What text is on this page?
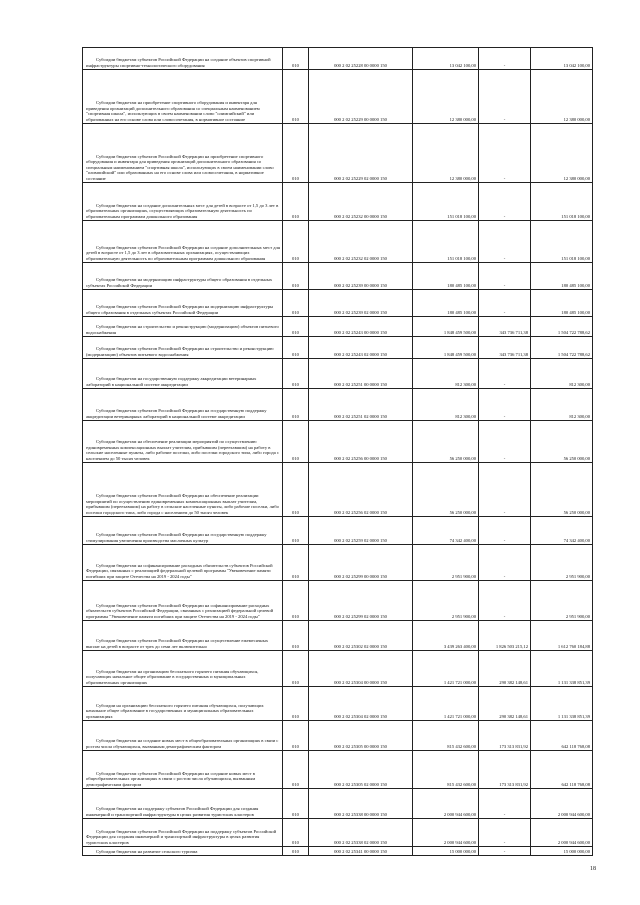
Субсидии бюджетам субъектов Российской Федерации на создание объектов спортивной инфраструктуры спортивно-технологического оборудования	010	000 2 02 25228 00 0000 150	13 042 100,00	-	13 042 100,00

Субсидии бюджетам на приобретение спортивного оборудования и инвентаря для приведения организаций дополнительного образования со специальным наименованием "спортивная школа", использующих в своем наименовании слово "олимпийский" или образованных на его основе слова или словосочетания, в нормативное состояние	010	000 2 02 25229 00 0000 150	12 380 000,00	-	12 380 000,00

Субсидии бюджетам субъектов Российской Федерации на приобретение спортивного оборудования и инвентаря для приведения организаций дополнительного образования со специальным наименованием "спортивная школа", использующих в своем наименовании слово "олимпийский" или образованных на его основе слова или словосочетания, в нормативное состояние	010	000 2 02 25229 02 0000 150	12 380 000,00	-	12 380 000,00

Субсидии бюджетам на создание дополнительных мест для детей в возрасте от 1,5 до 3 лет в образовательных организациях, осуществляющих образовательную деятельность по образовательным программам дошкольного образования	010	000 2 02 25232 00 0000 150	151 018 100,00	-	151 018 100,00

Субсидии бюджетам субъектов Российской Федерации на создание дополнительных мест для детей в возрасте от 1,5 до 3 лет в образовательных организациях, осуществляющих образовательную деятельность по образовательным программам дошкольного образования	010	000 2 02 25232 02 0000 150	151 018 100,00	-	151 018 100,00

Субсидии бюджетам на модернизацию инфраструктуры общего образования в отдельных субъектах Российской Федерации	010	000 2 02 25239 00 0000 150	180 485 100,00	-	180 485 100,00

Субсидии бюджетам субъектов Российской Федерации на модернизацию инфраструктуры общего образования в отдельных субъектах Российской Федерации	010	000 2 02 25239 02 0000 150	180 485 100,00	-	180 485 100,00

Субсидии бюджетам на строительство и реконструкцию (модернизацию) объектов питьевого водоснабжения	010	000 2 02 25243 00 0000 150	1 848 459 500,00	343 736 711,38	1 504 722 788,62

Субсидии бюджетам субъектов Российской Федерации на строительство и реконструкцию (модернизацию) объектов питьевого водоснабжения	010	000 2 02 25243 02 0000 150	1 848 459 500,00	343 736 711,38	1 504 722 788,62

Субсидии бюджетам на государственную поддержку аккредитации ветеринарных лабораторий в национальной системе аккредитации	010	000 2 02 25251 00 0000 150	812 300,00	-	812 300,00

Субсидии бюджетам субъектов Российской Федерации на государственную поддержку аккредитации ветеринарных лабораторий в национальной системе аккредитации	010	000 2 02 25251 02 0000 150	812 300,00	-	812 300,00

Субсидии бюджетам на обеспечение реализации мероприятий по осуществлению единовременных компенсационных выплат учителям, прибывшим (переехавшим) на работу в сельские населенные пункты, либо рабочие поселки, либо поселки городского типа, либо города с населением до 50 тысяч человек	010	000 2 02 25256 00 0000 150	56 250 000,00	-	56 250 000,00

Субсидии бюджетам субъектов Российской Федерации на обеспечение реализации мероприятий по осуществлению единовременных компенсационных выплат учителям, прибывшим (переехавшим) на работу в сельские населенные пункты, либо рабочие поселки, либо поселки городского типа, либо города с населением до 50 тысяч человек	010	000 2 02 25256 02 0000 150	56 250 000,00	-	56 250 000,00

Субсидии бюджетам субъектов Российской Федерации на государственную поддержку стимулирования увеличения производства масличных культур	010	000 2 02 25259 02 0000 150	74 342 400,00	-	74 342 400,00

Субсидии бюджетам на софинансирование расходных обязательств субъектов Российской Федерации, связанных с реализацией федеральной целевой программы "Увековечение памяти погибших при защите Отечества на 2019 - 2024 годы"	010	000 2 02 25299 00 0000 150	2 951 900,00	-	2 951 900,00

Субсидии бюджетам субъектов Российской Федерации на софинансирование расходных обязательств субъектов Российской Федерации, связанных с реализацией федеральной целевой программы "Увековечение памяти погибших при защите Отечества на 2019 - 2024 годы"	010	000 2 02 25299 02 0000 150	2 951 900,00	-	2 951 900,00

Субсидии бюджетам субъектов Российской Федерации на осуществление ежемесячных выплат на детей в возрасте от трех до семи лет включительно	010	000 2 02 25302 02 0000 150	3 439 263 400,00	1 826 503 215,12	1 612 760 184,88

Субсидии бюджетам на организацию бесплатного горячего питания обучающихся, получающих начальное общее образование в государственных и муниципальных образовательных организациях	010	000 2 02 25304 00 0000 150	1 421 721 000,00	290 382 148,61	1 131 338 851,39

Субсидии на организацию бесплатного горячего питания обучающихся, получающих начальное общее образование в государственных и муниципальных образовательных организациях	010	000 2 02 25304 02 0000 150	1 421 721 000,00	290 382 148,61	1 131 338 851,39

Субсидии бюджетам на создание новых мест в общеобразовательных организациях в связи с ростом числа обучающихся, вызванным демографическим фактором	010	000 2 02 25305 00 0000 150	815 432 600,00	173 313 831,92	642 118 768,08

Субсидии бюджетам субъектов Российской Федерации на создание новых мест в общеобразовательных организациях в связи с ростом числа обучающихся, вызванным демографическим фактором	010	000 2 02 25305 02 0000 150	815 432 600,00	173 313 831,92	642 118 768,08

Субсидии бюджетам на поддержку субъектов Российской Федерации для создания инженерной и транспортной инфраструктуры в целях развития туристских кластеров	010	000 2 02 25338 00 0000 150	2 000 944 600,00	-	2 000 944 600,00

Субсидии бюджетам субъектов Российской Федерации на поддержку субъектов Российской Федерации для создания инженерной и транспортной инфраструктуры в целях развития туристских кластеров	010	000 2 02 25338 02 0000 150	2 000 944 600,00	-	2 000 944 600,00

Субсидии бюджетам на развитие сельского туризма	010	000 2 02 25341 00 0000 150	15 000 000,00	-	15 000 000,00
18
